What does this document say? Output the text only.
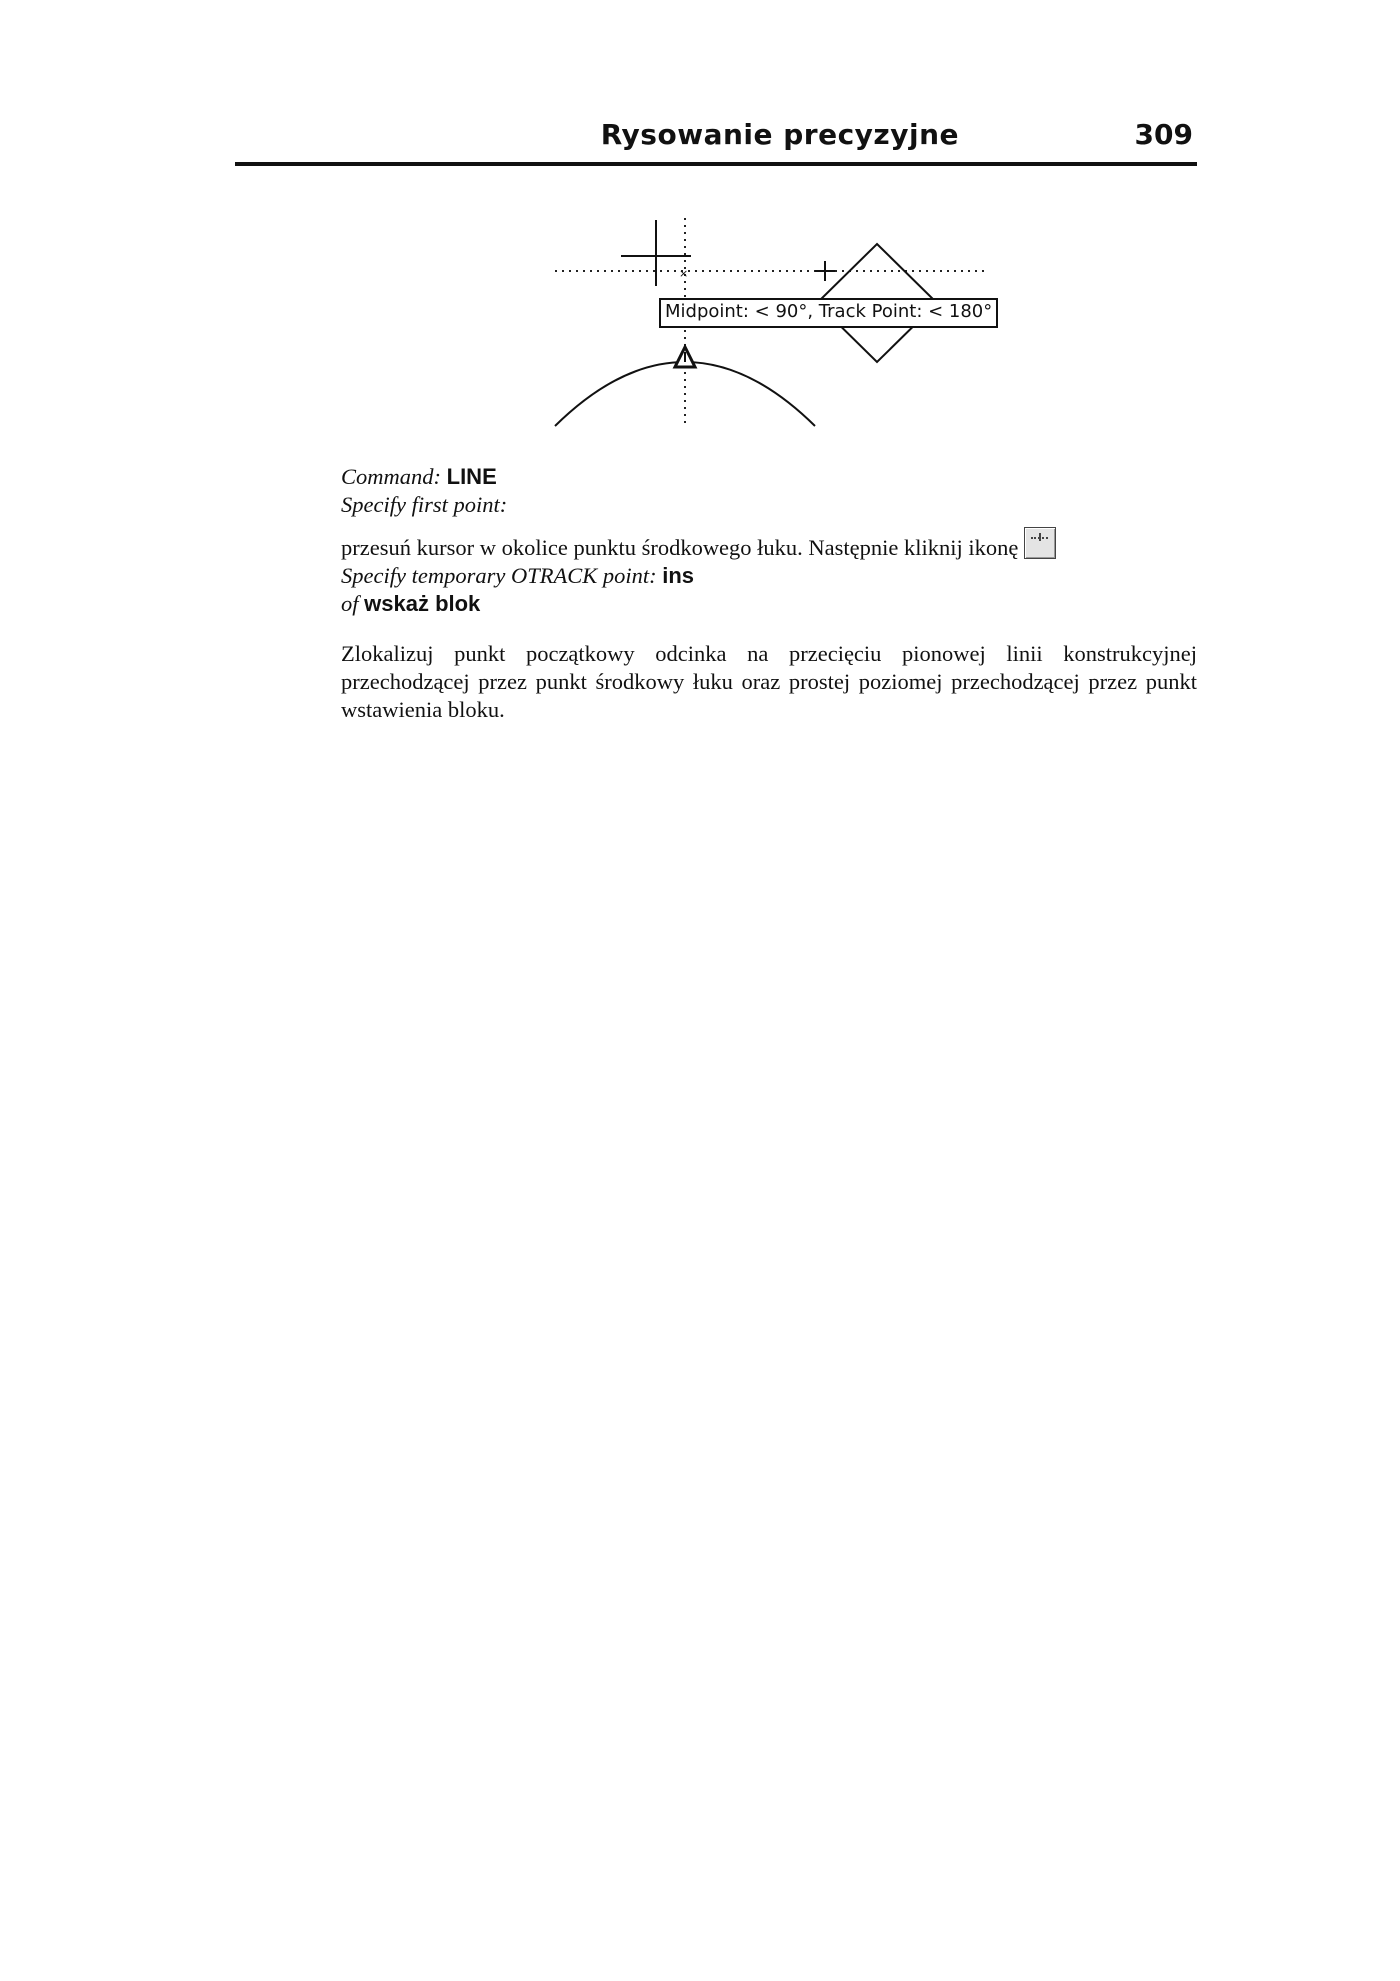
Rysowanie precyzyjne	309
×
Midpoint: < 90°, Track Point: < 180°
Command: LINE
Specify first point:
przesuń kursor w okolice punktu środkowego łuku. Następnie kliknij ikonę
Specify temporary OTRACK point: ins
of wskaż blok
Zlokalizuj punkt początkowy odcinka na przecięciu pionowej linii konstrukcyjnej przechodzącej przez punkt środkowy łuku oraz prostej poziomej przechodzącej przez punkt wstawienia bloku.
